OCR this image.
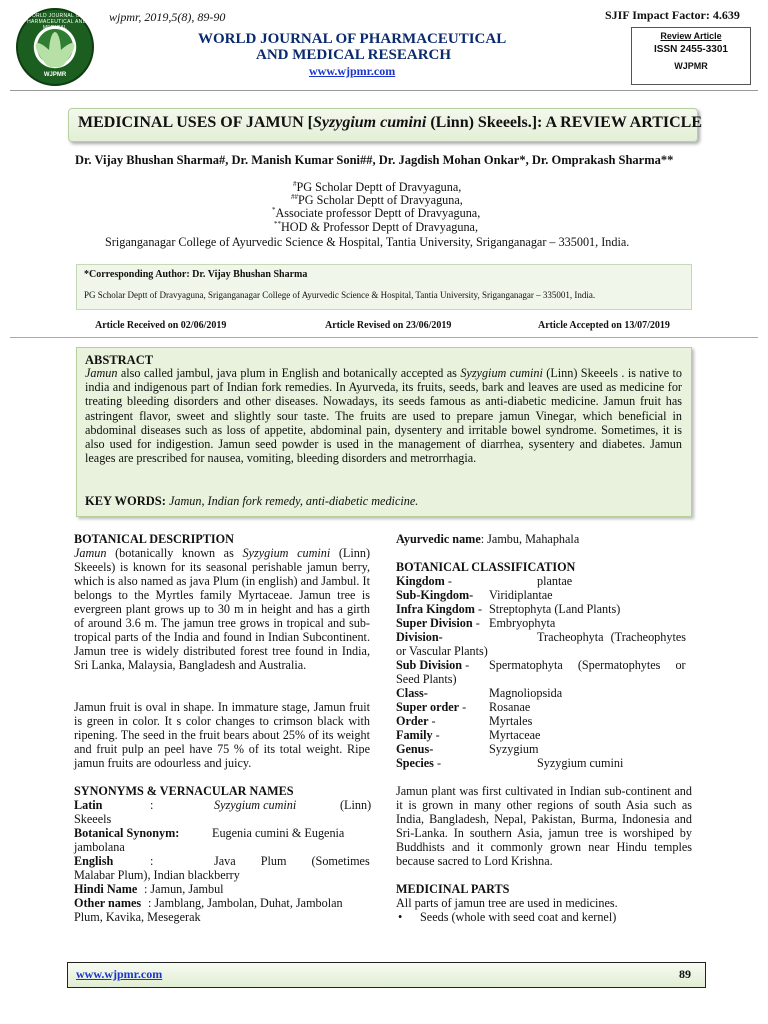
WORLD JOURNAL OF PHARMACEUTICAL AND MEDICAL
WJPMR
wjpmr, 2019,5(8), 89-90
WORLD JOURNAL OF PHARMACEUTICAL
AND MEDICAL RESEARCH
www.wjpmr.com
SJIF Impact Factor: 4.639
Review Article
ISSN 2455-3301
WJPMR
MEDICINAL USES OF JAMUN [Syzygium cumini (Linn) Skeeels.]: A REVIEW ARTICLE
Dr. Vijay Bhushan Sharma#, Dr. Manish Kumar Soni##, Dr. Jagdish Mohan Onkar*, Dr. Omprakash Sharma**
#PG Scholar Deptt of Dravyaguna,
##PG Scholar Deptt of Dravyaguna,
*Associate professor Deptt of Dravyaguna,
**HOD & Professor Deptt of Dravyaguna,
Sriganganagar College of Ayurvedic Science & Hospital, Tantia University, Sriganganagar – 335001, India.
*Corresponding Author: Dr. Vijay Bhushan Sharma
PG Scholar Deptt of Dravyaguna, Sriganganagar College of Ayurvedic Science & Hospital, Tantia University, Sriganganagar – 335001, India.
Article Received on 02/06/2019	Article Revised on 23/06/2019	Article Accepted on 13/07/2019
ABSTRACT
Jamun also called jambul, java plum in English and botanically accepted as Syzygium cumini (Linn) Skeeels . is native to india and indigenous part of Indian fork remedies. In Ayurveda, its fruits, seeds, bark and leaves are used as medicine for treating bleeding disorders and other diseases. Nowadays, its seeds famous as anti-diabetic medicine. Jamun fruit has astringent flavor, sweet and slightly sour taste. The fruits are used to prepare jamun Vinegar, which beneficial in abdominal diseases such as loss of appetite, abdominal pain, dysentery and irritable bowel syndrome. Sometimes, it is also used for indigestion. Jamun seed powder is used in the management of diarrhea, sysentery and diabetes. Jamun leages are prescribed for nausea, vomiting, bleeding disorders and metrorrhagia.
KEY WORDS: Jamun, Indian fork remedy, anti-diabetic medicine.
BOTANICAL DESCRIPTION
Jamun (botanically known as Syzygium cumini (Linn) Skeeels) is known for its seasonal perishable jamun berry, which is also named as java Plum (in english) and Jambul. It belongs to the Myrtles family Myrtaceae. Jamun tree is evergreen plant grows up to 30 m in height and has a girth of around 3.6 m. The jamun tree grows in tropical and sub-tropical parts of the India and found in Indian Subcontinent. Jamun tree is widely distributed forest tree found in India, Sri Lanka, Malaysia, Bangladesh and Australia.
Jamun fruit is oval in shape. In immature stage, Jamun fruit is green in color. It s color changes to crimson black with ripening. The seed in the fruit bears about 25% of its weight and fruit pulp an peel have 75 % of its total weight. Ripe jamun fruits are odourless and juicy.
SYNONYMS & VERNACULAR NAMES
Latin	:	Syzygium cumini	(Linn)
Skeeels
Botanical Synonym:	Eugenia cumini & Eugenia
jambolana
English	:	Java Plum (Sometimes
Malabar Plum), Indian blackberry
Hindi Name : Jamun, Jambul
Other names : Jamblang, Jambolan, Duhat, Jambolan
Plum, Kavika, Mesegerak
Ayurvedic name: Jambu, Mahaphala
BOTANICAL CLASSIFICATION
Kingdom -	plantae
Sub-Kingdom- Viridiplantae
Infra Kingdom - Streptophyta (Land Plants)
Super Division - Embryophyta
Division-	Tracheophyta (Tracheophytes
or Vascular Plants)
Sub Division - Spermatophyta (Spermatophytes or
Seed Plants)
Class-	Magnoliopsida
Super order - Rosanae
Order -	Myrtales
Family -	Myrtaceae
Genus-	Syzygium
Species -	Syzygium cumini
Jamun plant was first cultivated in Indian sub-continent and it is grown in many other regions of south Asia such as India, Bangladesh, Nepal, Pakistan, Burma, Indonesia and Sri-Lanka. In southern Asia, jamun tree is worshiped by Buddhists and it commonly grown near Hindu temples because sacred to Lord Krishna.
MEDICINAL PARTS
All parts of jamun tree are used in medicines.
• Seeds (whole with seed coat and kernel)
www.wjpmr.com	89
